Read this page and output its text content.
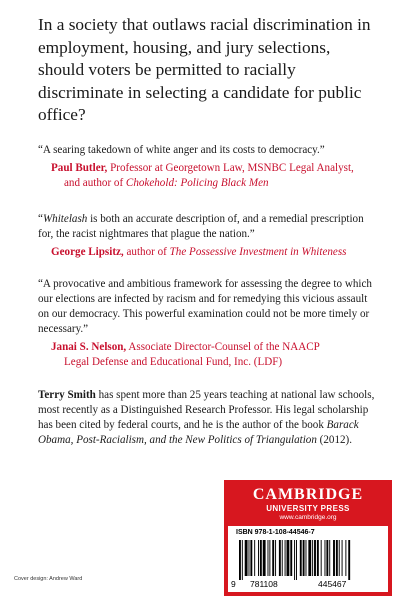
In a society that outlaws racial discrimination in employment, housing, and jury selections, should voters be permitted to racially discriminate in selecting a candidate for public office?

“A searing takedown of white anger and its costs to democracy.”

Paul Butler, Professor at Georgetown Law, MSNBC Legal Analyst,
and author of Chokehold: Policing Black Men

“Whitelash is both an accurate description of, and a remedial prescription for, the racist nightmares that plague the nation.”

George Lipsitz, author of The Possessive Investment in Whiteness

“A provocative and ambitious framework for assessing the degree to which our elections are infected by racism and for remedying this vicious assault on our democracy. This powerful examination could not be more timely or necessary.”

Janai S. Nelson, Associate Director-Counsel of the NAACP
Legal Defense and Educational Fund, Inc. (LDF)

Terry Smith has spent more than 25 years teaching at national law schools, most recently as a Distinguished Research Professor. His legal scholarship has been cited by federal courts, and he is the author of the book Barack Obama, Post-Racialism, and the New Politics of Triangulation (2012).

Cover design: Andrew Ward
CAMBRIDGE
UNIVERSITY PRESS
www.cambridge.org
ISBN 978-1-108-44546-7
9 781108	445467
